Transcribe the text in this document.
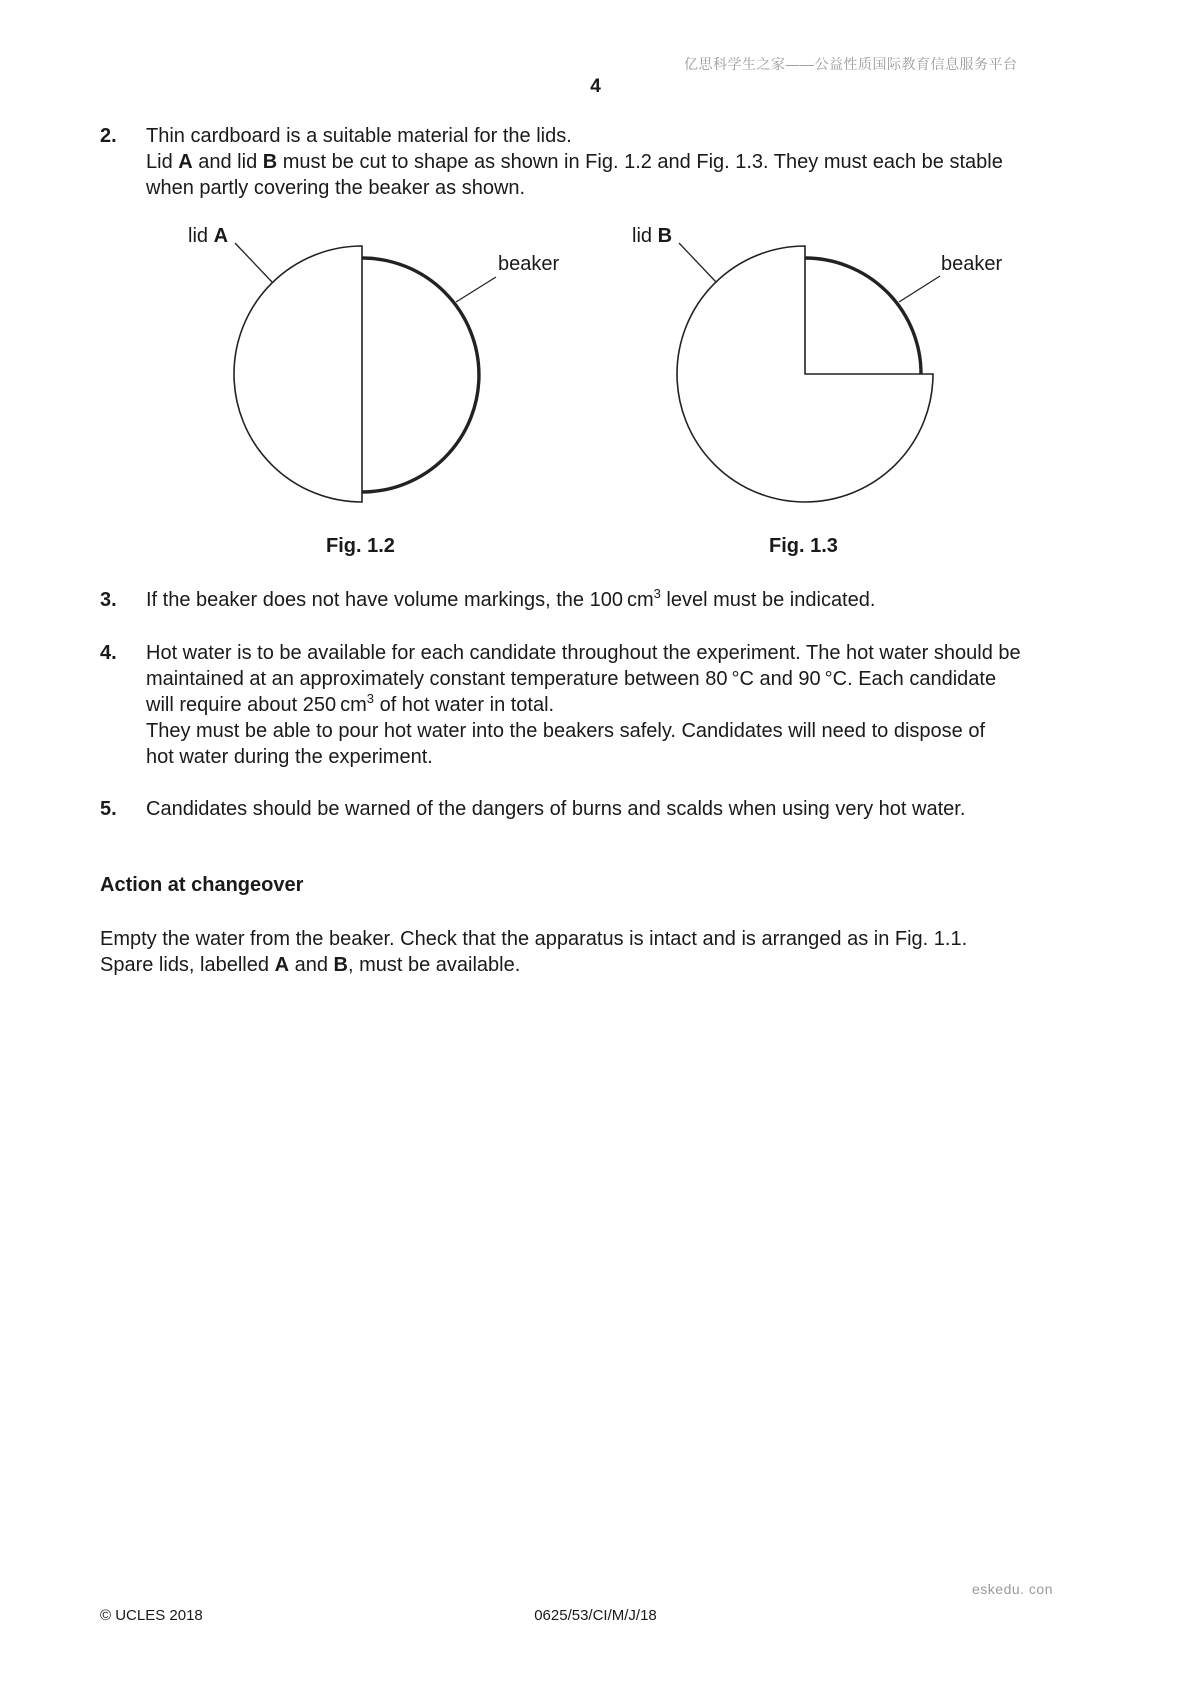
亿思科学生之家——公益性质国际教育信息服务平台
4
2. Thin cardboard is a suitable material for the lids.
Lid A and lid B must be cut to shape as shown in Fig. 1.2 and Fig. 1.3. They must each be stable
when partly covering the beaker as shown.
lid A
beaker
Fig. 1.2
lid B
beaker
Fig. 1.3
3. If the beaker does not have volume markings, the 100 $cm^3$ level must be indicated.
4. Hot water is to be available for each candidate throughout the experiment. The hot water should be
maintained at an approximately constant temperature between 80 °C and 90 °C. Each candidate
will require about 250 $cm^3$ of hot water in total.
They must be able to pour hot water into the beakers safely. Candidates will need to dispose of
hot water during the experiment.
5. Candidates should be warned of the dangers of burns and scalds when using very hot water.
Action at changeover
Empty the water from the beaker. Check that the apparatus is intact and is arranged as in Fig. 1.1.
Spare lids, labelled A and B, must be available.
eskedu. con
© UCLES 2018	0625/53/CI/M/J/18
